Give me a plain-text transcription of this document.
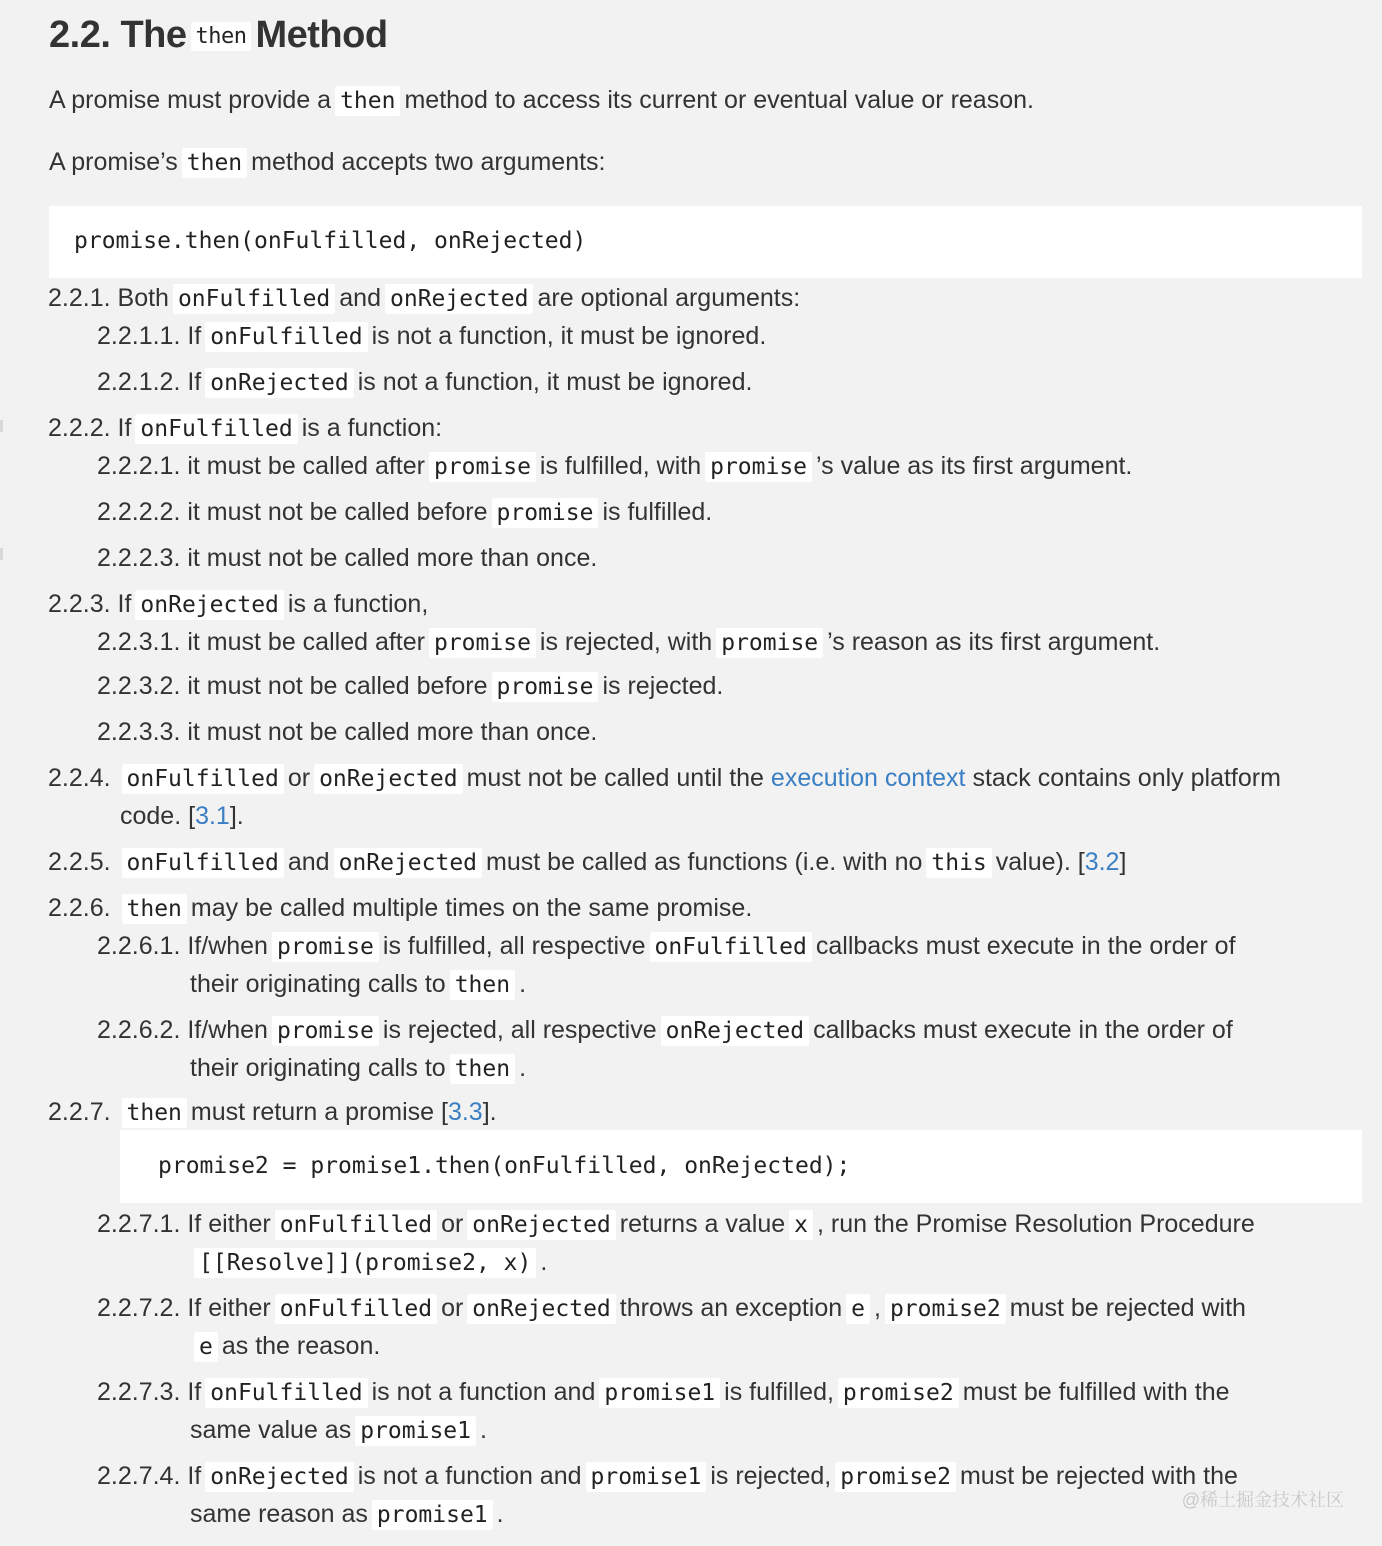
2.2. The then Method
A promise must provide a then method to access its current or eventual value or reason.
A promise’s then method accepts two arguments:
promise.then(onFulfilled, onRejected)
2.2.1. Both onFulfilled and onRejected are optional arguments:
2.2.1.1. If onFulfilled is not a function, it must be ignored.
2.2.1.2. If onRejected is not a function, it must be ignored.
2.2.2. If onFulfilled is a function:
2.2.2.1. it must be called after promise is fulfilled, with promise ’s value as its first argument.
2.2.2.2. it must not be called before promise is fulfilled.
2.2.2.3. it must not be called more than once.
2.2.3. If onRejected is a function,
2.2.3.1. it must be called after promise is rejected, with promise ’s reason as its first argument.
2.2.3.2. it must not be called before promise is rejected.
2.2.3.3. it must not be called more than once.
2.2.4. onFulfilled or onRejected must not be called until the execution context stack contains only platform
code. [3.1].
2.2.5. onFulfilled and onRejected must be called as functions (i.e. with no this value). [3.2]
2.2.6. then may be called multiple times on the same promise.
2.2.6.1. If/when promise is fulfilled, all respective onFulfilled callbacks must execute in the order of
their originating calls to then .
2.2.6.2. If/when promise is rejected, all respective onRejected callbacks must execute in the order of
their originating calls to then .
2.2.7. then must return a promise [3.3].
promise2 = promise1.then(onFulfilled, onRejected);
2.2.7.1. If either onFulfilled or onRejected returns a value x , run the Promise Resolution Procedure
[[Resolve]](promise2, x) .
2.2.7.2. If either onFulfilled or onRejected throws an exception e , promise2 must be rejected with
e as the reason.
2.2.7.3. If onFulfilled is not a function and promise1 is fulfilled, promise2 must be fulfilled with the
same value as promise1 .
2.2.7.4. If onRejected is not a function and promise1 is rejected, promise2 must be rejected with the
same reason as promise1 .	@稀土掘金技术社区
